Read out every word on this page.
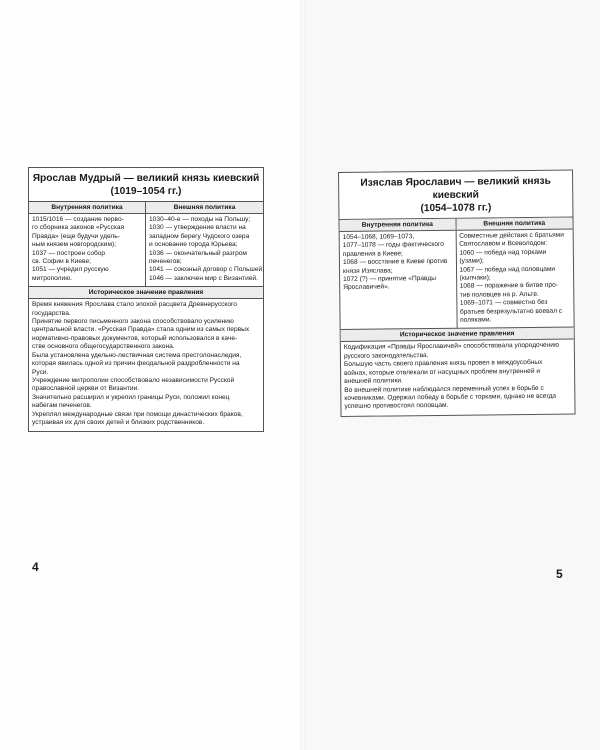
Ярослав Мудрый — великий князь киевский
(1019–1054 гг.)
Внутренняя политика
1015/1016 — создание перво-
го сборника законов «Русская
Правда» (еще будучи удель-
ным князем новгородским);
1037 — построен собор
св. Софии в Киеве;
1051 — учредил русскую
митрополию.
Внешняя политика
1030–40-е — походы на Польшу;
1030 — утверждение власти на
западном берегу Чудского озера
и основание города Юрьева;
1036 — окончательный разгром
печенегов;
1041 — союзный договор с Польшей;
1046 — заключен мир с Византией.
Историческое значение правления
Время княжения Ярослава стало эпохой расцвета Древнерусского
государства.
Принятие первого письменного закона способствовало усилению
центральной власти. «Русская Правда» стала одним из самых первых
нормативно-правовых документов, который использовался в каче-
стве основного общегосударственного закона.
Была установлена удельно-лествичная система престолонаследия,
которая явилась одной из причин феодальной раздробленности на
Руси.
Учреждение митрополии способствовало независимости Русской
православной церкви от Византии.
Значительно расширил и укрепил границы Руси, положил конец
набегам печенегов.
Укреплял международные связи при помощи династических браков,
устраивая их для своих детей и близких родственников.
Изяслав Ярославич — великий князь киевский
(1054–1078 гг.)
Внутренняя политика
1054–1068, 1069–1073,
1077–1078 — годы фактического
правления в Киеве;
1068 — восстание в Киеве против
князя Изяслава;
1072 (?) — принятие «Правды
Ярославичей».
Внешняя политика
Совместные действия с братьями
Святославом и Всеволодом:
1060 — победа над торками
(узами);
1067 — победа над половцами
(кыпчаки);
1068 — поражение в битве про-
тив половцев на р. Альте.
1069–1071 — совместно без
братьев безрезультатно воевал с
поляками.
Историческое значение правления
Кодификация «Правды Ярославичей» способствовала упорядочению
русского законодательства.
Большую часть своего правления князь провел в междоусобных
войнах, которые отвлекали от насущных проблем внутренней и
внешней политики.
Во внешней политике наблюдался переменный успех в борьбе с
кочевниками. Одержал победу в борьбе с торками, однако не всегда
успешно противостоял половцам.
4	5
